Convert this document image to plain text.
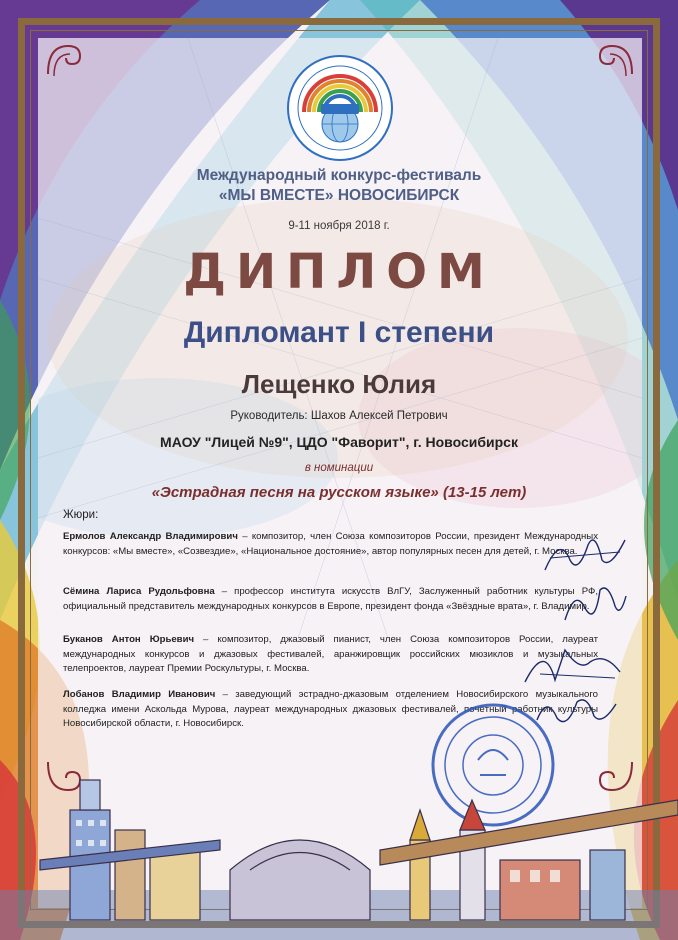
Международный конкурс-фестиваль
«МЫ ВМЕСТЕ» НОВОСИБИРСК
9-11 ноября 2018 г.
ДИПЛОМ
Дипломант I степени
Лещенко Юлия
Руководитель: Шахов Алексей Петрович
МАОУ "Лицей №9", ЦДО "Фаворит", г. Новосибирск
в номинации
«Эстрадная песня на русском языке» (13-15 лет)
Жюри:
Ермолов Александр Владимирович – композитор, член Союза композиторов России, президент Международных конкурсов: «Мы вместе», «Созвездие», «Национальное достояние», автор популярных песен для детей, г. Москва.
Сёмина Лариса Рудольфовна – профессор института искусств ВлГУ, Заслуженный работник культуры РФ, официальный представитель международных конкурсов в Европе, президент фонда «Звёздные врата», г. Владимир.
Буканов Антон Юрьевич – композитор, джазовый пианист, член Союза композиторов России, лауреат международных конкурсов и джазовых фестивалей, аранжировщик российских мюзиклов и музыкальных телепроектов, лауреат Премии Роскультуры, г. Москва.
Лобанов Владимир Иванович – заведующий эстрадно-джазовым отделением Новосибирского музыкального колледжа имени Аскольда Мурова, лауреат международных джазовых фестивалей, почётный работник культуры Новосибирской области, г. Новосибирск.
